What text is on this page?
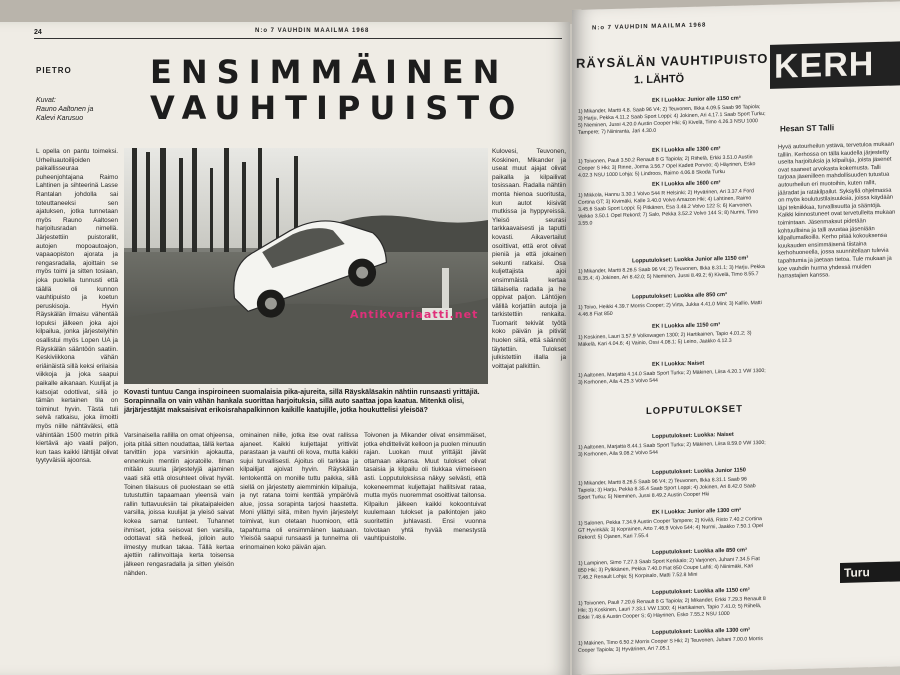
24	N:o 7 VAUHDIN MAAILMA 1968
PIETRO
Kuvat:
Rauno Aaltonen ja
Kalevi Karusuo
ENSIMMÄINEN
VAUHTIPUISTO
Kovasti tuntuu Canga inspiroineen suomalaisia pika-ajureita, sillä Räyskäläsakin nähtiin runsaasti yrittäjiä. Sorapinnalla on vain vähän hankala suorittaa harjoituksia, sillä auto saattaa jopa kaatua. Mitenkä olisi, järjärjestäjät maksaisivat erikoisrahapalkinnon kaikille kaatujille, jotka houkuttelisi yleisöä?
L opella on pantu toimeksi. Urheiluautoilijoiden paikallisseuraa puheenjohtajana Raimo Lahtinen ja sihteerinä Lasse Rantalan johdolla sai toteuttaneeksi sen ajatuksen, jotka tunnetaan myös Rauno Aaltosen harjoitusradan nimellä. Järjestettiin puistorallit, autojen mopoautoajon, vapaaopiston ajorata ja rengasradalla, ajoittain se myös toimi ja sitten tosiaan, joka puolella tunnusti että täällä oli kunnon vauhtipuisto ja koetun peruskisoja. Hyvin Räyskälän ilmaisu vähentää lopuksi jälkeen joka ajoi kilpailua, jonka järjestelyihin osallistui myös Lopen UA ja Räyskälän sääntöön saatiin. Keskiviikkona vähän eriäinäistä sillä keksi erilaisia viikkoja ja joka saapui paikalle aikanaan. Kuulijat ja katsojat odottivat, sillä jo tämän kertainen tila on toiminut hyvin. Tästä tuli selvä ratkaisu, joka ilmoitti myös niille nähtäväksi, että vähintään 1500 metrin pitkä kiertävä ajo vaatii paljon, kun taas kaikki lähtijät olivat tyytyväisiä ajoonsa.
Varsinaisella rallilla on omat ohjeensa, joita pitää sitten noudattaa, tällä kertaa tarvittiin jopa varsinkin ajokautta, ennenkuin mentiin ajoratoille. Ilman mitään suuria järjestelyjä ajaminen vaati sitä että olosuhteet olivat hyvät. Toinen tilaisuus oli puolestaan se että tutustuttiin tapaamaan yleensä vain rallin tuttavuuksiin tai pikataipaleiden varsilla, joissa kuulijat ja yleisö saivat kokea samat tunteet. Tuhannet ihmiset, jotka seisovat tien varsilla, odottavat sitä hetkeä, jolloin auto ilmestyy mutkan takaa. Tällä kertaa ajettiin rallinvoittaja kerta toisensa jälkeen rengasradalla ja sitten yleisön nähden.
ominainen niille, jotka itse ovat rallissa ajaneet. Kaikki kuljettajat yrittivät parastaan ja vauhti oli kova, mutta kaikki sujui turvallisesti. Ajoitus oli tarkkaa ja kilpailijat ajoivat hyvin. Räyskälän lentokenttä on monille tuttu paikka, sillä siellä on järjestetty aiemminkin kilpailuja, ja nyt ratana toimi kenttää ympäröivä alue, jossa sorapinta tarjosi haastetta. Moni yllättyi siitä, miten hyvin järjestelyt toimivat, kun otetaan huomioon, että tapahtuma oli ensimmäinen laatuaan. Yleisöä saapui runsaasti ja tunnelma oli erinomainen koko päivän ajan.
Toivonen ja Mikander olivat ensimmäiset, jotka ehdittelivät kelloon ja puolen minuutin rajan. Luokan muut yrittäjät jäivät ottamaan aikansa. Muut tulokset olivat tasaisia ja kilpailu oli tiukkaa viimeiseen asti. Lopputuloksissa näkyy selvästi, että kokeneemmat kuljettajat hallitsivat rataa, mutta myös nuoremmat osoittivat taitonsa. Kilpailun jälkeen kaikki kokoontuivat kuulemaan tulokset ja palkintojen jako suoritettiin juhlavasti. Ensi vuonna toivotaan yhtä hyvää menestystä vauhtipuistolle.
Kulovesi, Teuvonen, Koskinen, Mikander ja useat muut ajajat olivat paikalla ja kilpailivat tosissaan. Radalla nähtiin monta hienoa suoritusta, kun autot kiisivät mutkissa ja hyppyreissä. Yleisö seurasi tarkkaavaisesti ja taputti kovasti. Aikavertailut osoittivat, että erot olivat pieniä ja että jokainen sekunti ratkaisi. Osa kuljettajista ajoi ensimmäistä kertaa tällaisella radalla ja he oppivat paljon. Lähtöjen välillä korjattiin autoja ja tarkistettiin renkaita. Tuomarit tekivät työtä koko päivän ja pitivät huolen siitä, että säännöt täytettiin. Tulokset julkistettiin illalla ja voittajat palkittiin.
Antikvariaatti.net
N:o 7 VAUHDIN MAAILMA 1968
RÄYSÄLÄN VAUHTIPUISTO
1. LÄHTÖ
EK I Luokka: Junior alle 1150 cm³
1) Mikander, Martti 4.8. Saab 96 V4; 2) Teuvonen, Ilkka 4.09.5 Saab 96 Tapiola; 3) Harju, Pekka 4.11.2 Saab Sport Loppi; 4) Jokinen, Ari 4.17.1 Saab Sport Turku; 5) Nieminen, Jussi 4.20.0 Austin Cooper Hki; 6) Kivelä, Timo 4.26.3 NSU 1000 Tampere; 7) Niiniranta, Jari 4.30.0
EK I Luokka alle 1300 cm³
1) Toivonen, Pauli 3.50.2 Renault 8 G Tapiola; 2) Riihelä, Erkki 3.51.0 Austin Cooper S Hki; 3) Rinne, Jorma 3.56.7 Opel Kadett Porvoo; 4) Häyrinen, Esko 4.02.3 NSU 1000 Lohja; 5) Lindroos, Raimo 4.06.8 Skoda Turku
EK I Luokka alle 1600 cm³
1) Mikkola, Hannu 3.30.1 Volvo 544 R Helsinki; 2) Hyvärinen, Ari 3.37.4 Ford Cortina GT; 3) Kivimäki, Kalle 3.40.0 Volvo Amazon Hki; 4) Lahtinen, Raimo 3.45.6 Saab Sport Loppi; 5) Pitkänen, Esa 3.48.2 Volvo 122 S; 6) Karvonen, Veikko 3.50.1 Opel Rekord; 7) Salo, Pekka 3.52.2 Volvo 144 S; 8) Nurmi, Timo 3.55.0
Lopputulokset: Luokka Junior alle 1150 cm³
1) Mikander, Martti 8.26.5 Saab 96 V4; 2) Teuvonen, Ilkka 8.31.1; 3) Harju, Pekka 8.35.4; 4) Jokinen, Ari 8.42.0; 5) Nieminen, Jussi 8.49.2; 6) Kivelä, Timo 8.55.7
Lopputulokset: Luokka alle 850 cm³
1) Toivo, Heikki 4.39.7 Morris Cooper; 2) Virta, Jukka 4.41.0 Mini; 3) Kallio, Matti 4.46.8 Fiat 850
EK I Luokka alle 1150 cm³
1) Koskinen, Lauri 3.57.9 Volkswagen 1300; 2) Hartikainen, Tapio 4.01.2; 3) Mäkelä, Kari 4.04.6; 4) Vainio, Ossi 4.08.1; 5) Leino, Jaakko 4.12.3
EK I Luokka: Naiset
1) Aaltonen, Marjatta 4.14.0 Saab Sport Turku; 2) Mäkinen, Liisa 4.20.1 VW 1300; 3) Korhonen, Aila 4.25.3 Volvo 544
LOPPUTULOKSET
Lopputulokset: Luokka: Naiset
1) Aaltonen, Marjatta 8.44.1 Saab Sport Turku; 2) Mäkinen, Liisa 8.59.0 VW 1300; 3) Korhonen, Aila 9.08.2 Volvo 544
Lopputulokset: Luokka Junior 1150
1) Mikander, Martti 8.26.5 Saab 96 V4; 2) Teuvonen, Ilkka 8.31.1 Saab 96 Tapiola; 3) Harju, Pekka 8.35.4 Saab Sport Loppi; 4) Jokinen, Ari 8.42.0 Saab Sport Turku; 5) Nieminen, Jussi 8.49.2 Austin Cooper Hki
EK I Luokka: Junior alle 1300 cm³
1) Salonen, Pekka 7.34.9 Austin Cooper Tampere; 2) Kivilä, Risto 7.40.2 Cortina GT Hyvinkää; 3) Koprainen, Arto 7.46.9 Volvo 544; 4) Nurmi, Jaakko 7.50.1 Opel Rekord; 5) Ojanen, Kari 7.55.4
Lopputulokset: Luokka alle 850 cm³
1) Lampinen, Simo 7.27.3 Saab Sport Kerkkalo; 2) Varjonen, Juhani 7.34.5 Fiat 850 Hki; 3) Pylkkänen, Pekka 7.40.0 Fiat 850 Coupe Lahti; 4) Niinimäki, Kari 7.46.2 Renault Lohja; 5) Korpisalo, Matti 7.52.8 Mini
Lopputulokset: Luokka alle 1150 cm³
1) Toivonen, Pauli 7.20.6 Renault 8 G Tapiola; 2) Mikander, Erkki 7.29.3 Renault 8 Hki; 3) Koskinen, Lauri 7.33.1 VW 1300; 4) Hartikainen, Tapio 7.41.0; 5) Riihelä, Erkki 7.48.6 Austin Cooper S; 6) Häyrinen, Esko 7.55.2 NSU 1000
Lopputulokset: Luokka alle 1300 cm³
1) Mäkinen, Timo 6.50.2 Morris Cooper S Hki; 2) Teuvonen, Juhani 7.00.0 Morris Cooper Tapiola; 3) Hyvärinen, Ari 7.05.1
KERH
Hesan ST Talli
Hyvä autourheilun ystävä, tervetuloa mukaan talliin. Kerhossa on tällä kaudella järjestetty useita harjoituksia ja kilpailuja, joista jäsenet ovat saaneet arvokasta kokemusta. Talli tarjoaa jäsenilleen mahdollisuuden tutustua autourheilun eri muotoihin, kuten rallit, jääradat ja ratakilpailut. Syksyllä ohjelmassa on myös koulutustilaisuuksia, joissa käydään läpi tekniikkaa, turvallisuutta ja sääntöjä. Kaikki kiinnostuneet ovat tervetulleita mukaan toimintaan. Jäsenmaksut pidetään kohtuullisina ja talli avustaa jäseniään kilpailumatkoilla. Kerho pitää kokouksensa kuukauden ensimmäisenä tiistaina kerhohuoneella, jossa suunnitellaan tulevia tapahtumia ja jaetaan tietoa. Tule mukaan ja koe vauhdin hurma yhdessä muiden harrastajien kanssa.
Turu
